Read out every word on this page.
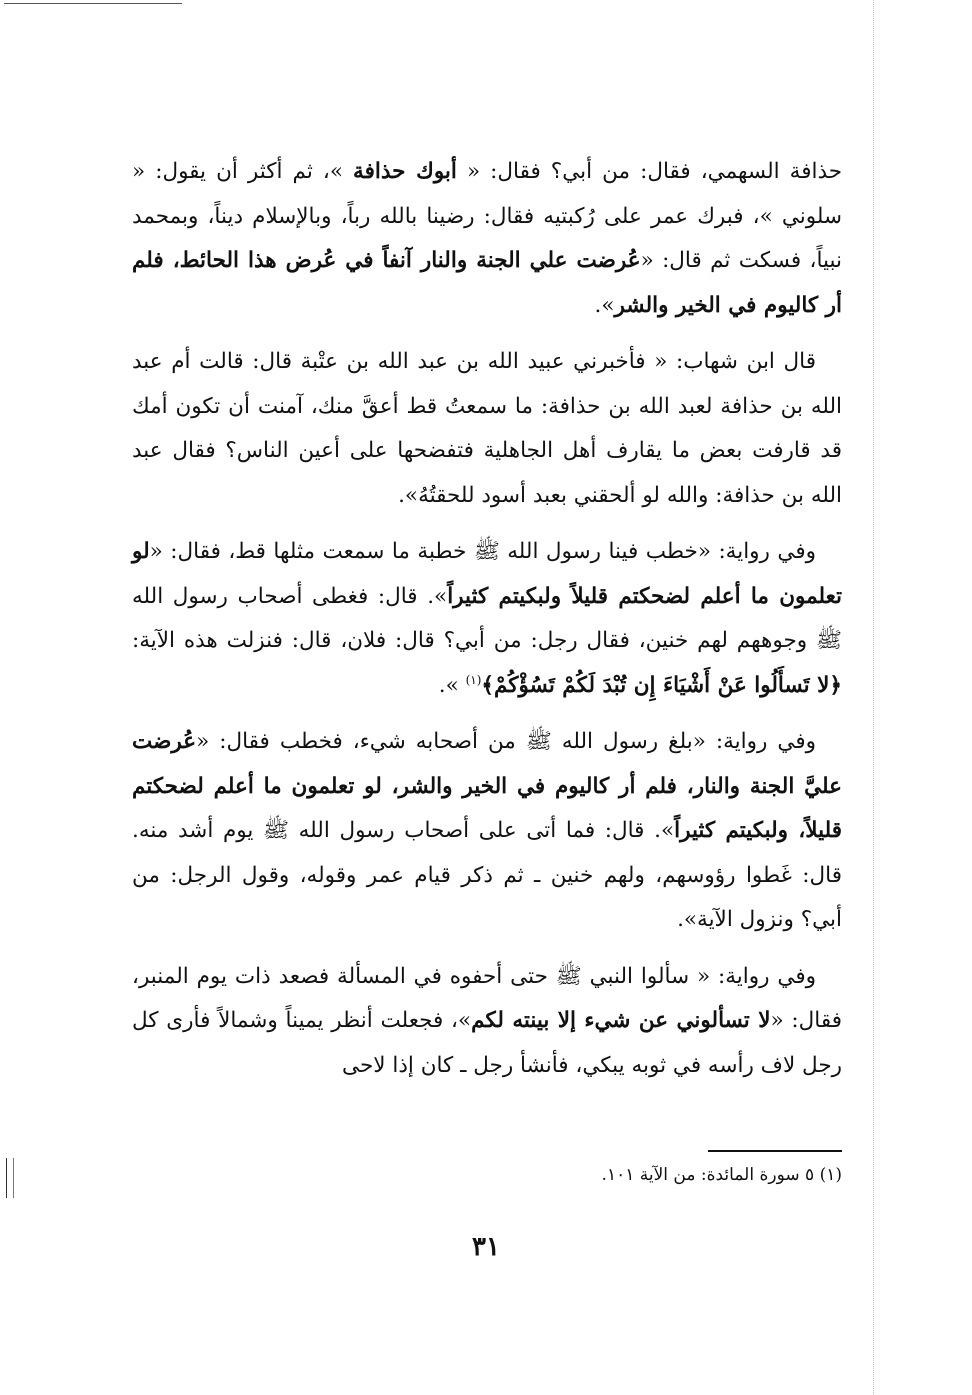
حذافة السهمي، فقال: من أبي؟ فقال: « أبوك حذافة »، ثم أكثر أن يقول: « سلوني »، فبرك عمر على رُكبتيه فقال: رضينا بالله رباً، وبالإسلام ديناً، وبمحمد نبياً، فسكت ثم قال: «عُرضت علي الجنة والنار آنفاً في عُرض هذا الحائط، فلم أر كاليوم في الخير والشر».

قال ابن شهاب: « فأخبرني عبيد الله بن عبد الله بن عتْبة قال: قالت أم عبد الله بن حذافة لعبد الله بن حذافة: ما سمعتُ قط أعقَّ منك، آمنت أن تكون أمك قد قارفت بعض ما يقارف أهل الجاهلية فتفضحها على أعين الناس؟ فقال عبد الله بن حذافة: والله لو ألحقني بعبد أسود للحقتُهُ».

وفي رواية: «خطب فينا رسول الله ﷺ خطبة ما سمعت مثلها قط، فقال: «لو تعلمون ما أعلم لضحكتم قليلاً ولبكيتم كثيراً». قال: فغطى أصحاب رسول الله ﷺ وجوههم لهم خنين، فقال رجل: من أبي؟ قال: فلان، قال: فنزلت هذه الآية: ﴿لا تَسأَلُوا عَنْ أَشْيَاءَ إِن تُبْدَ لَكُمْ تَسُؤْكُمْ﴾$^{(١)}$ ».

وفي رواية: «بلغ رسول الله ﷺ من أصحابه شيء، فخطب فقال: «عُرضت عليَّ الجنة والنار، فلم أر كاليوم في الخير والشر، لو تعلمون ما أعلم لضحكتم قليلاً، ولبكيتم كثيراً». قال: فما أتى على أصحاب رسول الله ﷺ يوم أشد منه. قال: غَطوا رؤوسهم، ولهم خنين ـ ثم ذكر قيام عمر وقوله، وقول الرجل: من أبي؟ ونزول الآية».

وفي رواية: « سألوا النبي ﷺ حتى أحفوه في المسألة فصعد ذات يوم المنبر، فقال: «لا تسألوني عن شيء إلا بينته لكم»، فجعلت أنظر يميناً وشمالاً فأرى كل رجل لاف رأسه في ثوبه يبكي، فأنشأ رجل ـ كان إذا لاحى

(١) ٥ سورة المائدة: من الآية ١٠١.
٣١
